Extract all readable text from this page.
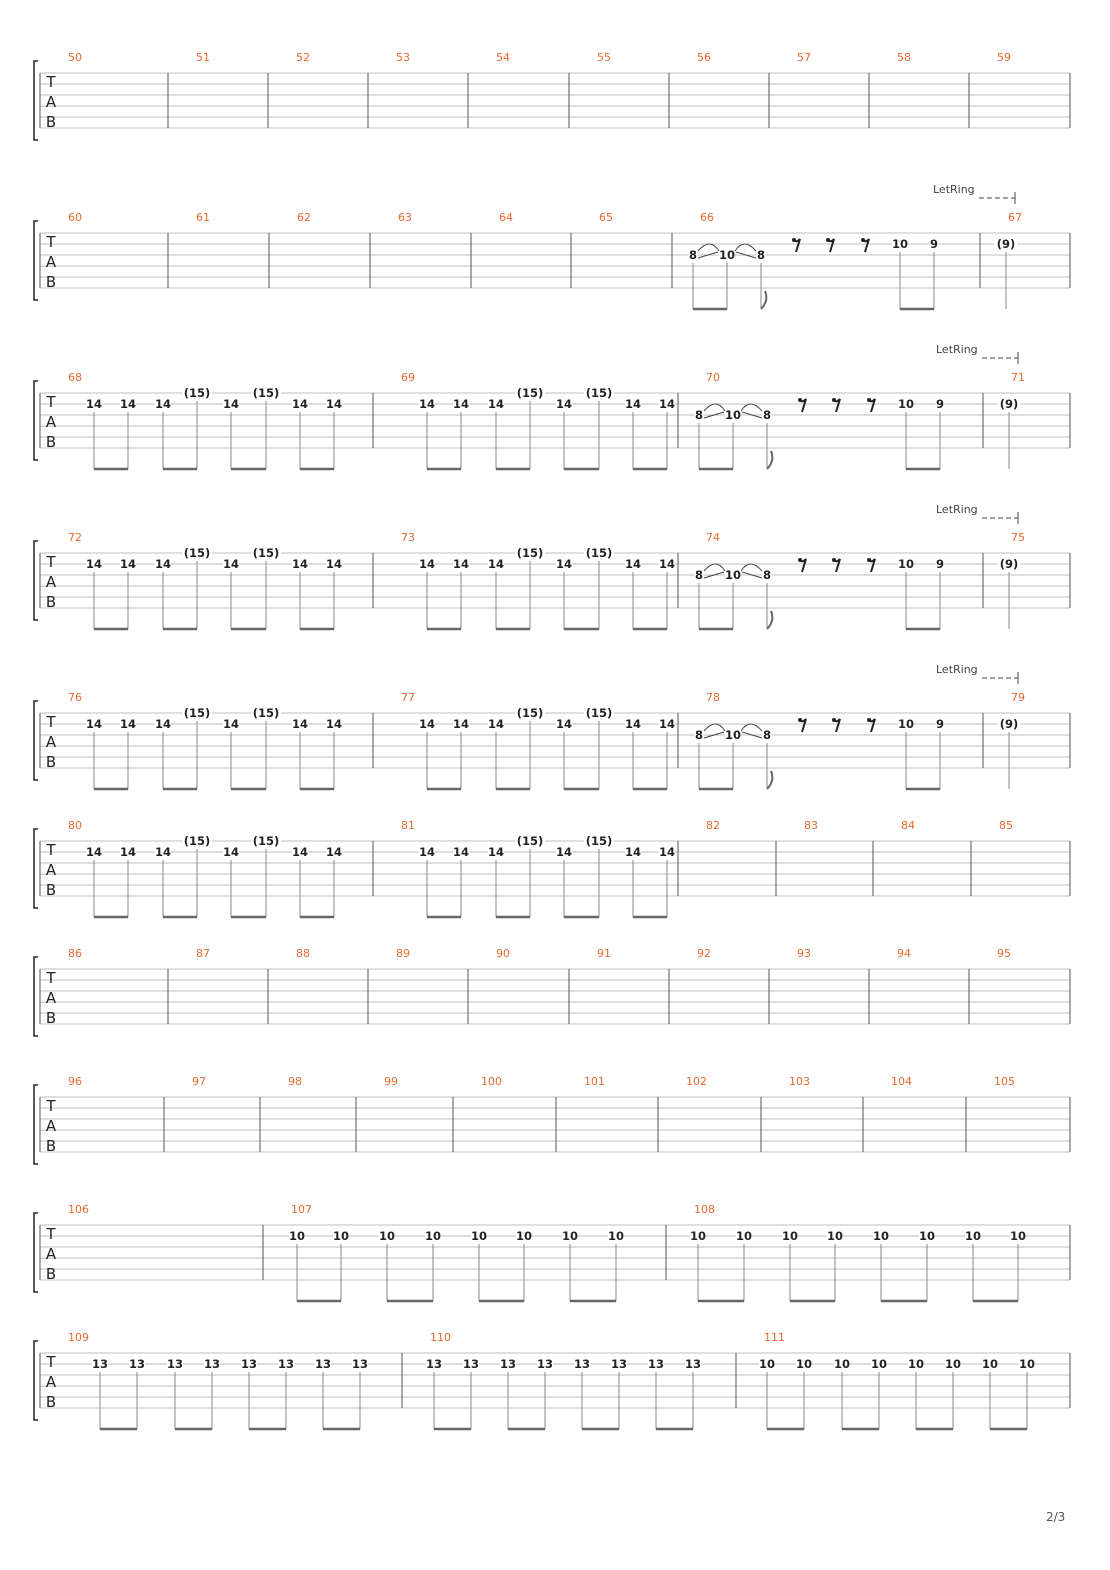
T
A
B
50	51	52	53	54	55	56	57	58	59
T
A
B
60	61	62	63	64	65	66
8 10 8
10 9
67
LetRing
(9)
T
A
B
68
14 14 14
(15)
14
(15)
14 14
69
14 14 14
(15)
14
(15)
14 14
70
8 10 8
10 9
71
LetRing
(9)
T
A
B
72
14 14 14
(15)
14
(15)
14 14
73
14 14 14
(15)
14
(15)
14 14
74
8 10 8
10 9
75
LetRing
(9)
T
A
B
76
14 14 14
(15)
14
(15)
14 14
77
14 14 14
(15)
14
(15)
14 14
78
8 10 8
10 9
79
LetRing
(9)
T
A
B
80
14 14 14
(15)
14
(15)
14 14
81
14 14 14
(15)
14
(15)
14 14
82	83	84	85
T
A
B
86	87	88	89	90	91	92	93	94	95
T
A
B
96	97	98	99	100	101	102	103	104	105
T
A
B
106	107
10 10	10	10	10	10	10	10
108
10	10	10	10	10	10	10	10
T
A
B
109
13 13 13 13 13 13 13 13
110
13 13 13 13 13 13 13 13
111
10 10 10 10 10 10 10 10
2/3
